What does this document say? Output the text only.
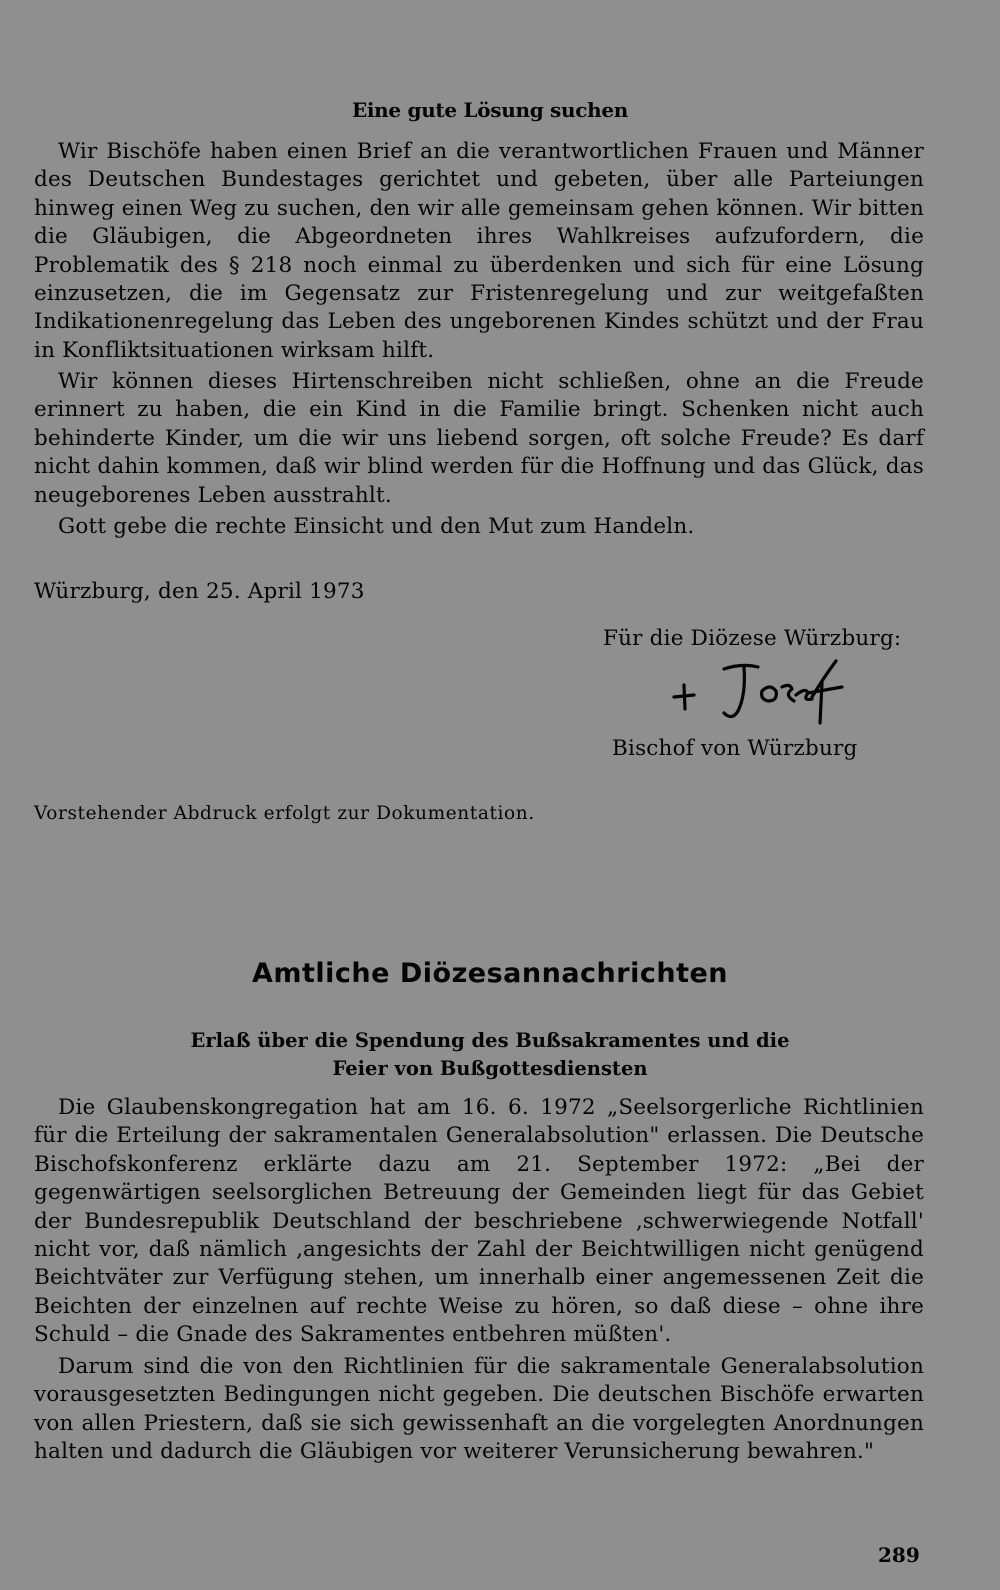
Eine gute Lösung suchen

Wir Bischöfe haben einen Brief an die verantwortlichen Frauen und Männer des Deutschen Bundestages gerichtet und gebeten, über alle Parteiungen hinweg einen Weg zu suchen, den wir alle gemeinsam gehen können. Wir bitten die Gläubigen, die Abgeordneten ihres Wahlkreises aufzufordern, die Problematik des § 218 noch einmal zu überdenken und sich für eine Lösung einzusetzen, die im Gegensatz zur Fristenregelung und zur weitgefaßten Indikationenregelung das Leben des ungeborenen Kindes schützt und der Frau in Konfliktsituationen wirksam hilft.

Wir können dieses Hirtenschreiben nicht schließen, ohne an die Freude erinnert zu haben, die ein Kind in die Familie bringt. Schenken nicht auch behinderte Kinder, um die wir uns liebend sorgen, oft solche Freude? Es darf nicht dahin kommen, daß wir blind werden für die Hoffnung und das Glück, das neugeborenes Leben ausstrahlt.

Gott gebe die rechte Einsicht und den Mut zum Handeln.

Würzburg, den 25. April 1973
Für die Diözese Würzburg:
Bischof von Würzburg
Vorstehender Abdruck erfolgt zur Dokumentation.
Amtliche Diözesannachrichten
Erlaß über die Spendung des Bußsakramentes und die
Feier von Bußgottesdiensten

Die Glaubenskongregation hat am 16. 6. 1972 „Seelsorgerliche Richtlinien für die Erteilung der sakramentalen Generalabsolution" erlassen. Die Deutsche Bischofskonferenz erklärte dazu am 21. September 1972: „Bei der gegenwärtigen seelsorglichen Betreuung der Gemeinden liegt für das Gebiet der Bundesrepublik Deutschland der beschriebene ‚schwerwiegende Notfall' nicht vor, daß nämlich ‚angesichts der Zahl der Beichtwilligen nicht genügend Beichtväter zur Verfügung stehen, um innerhalb einer angemessenen Zeit die Beichten der einzelnen auf rechte Weise zu hören, so daß diese – ohne ihre Schuld – die Gnade des Sakramentes entbehren müßten'.

Darum sind die von den Richtlinien für die sakramentale Generalabsolution vorausgesetzten Bedingungen nicht gegeben. Die deutschen Bischöfe erwarten von allen Priestern, daß sie sich gewissenhaft an die vorgelegten Anordnungen halten und dadurch die Gläubigen vor weiterer Verunsicherung bewahren."

289
